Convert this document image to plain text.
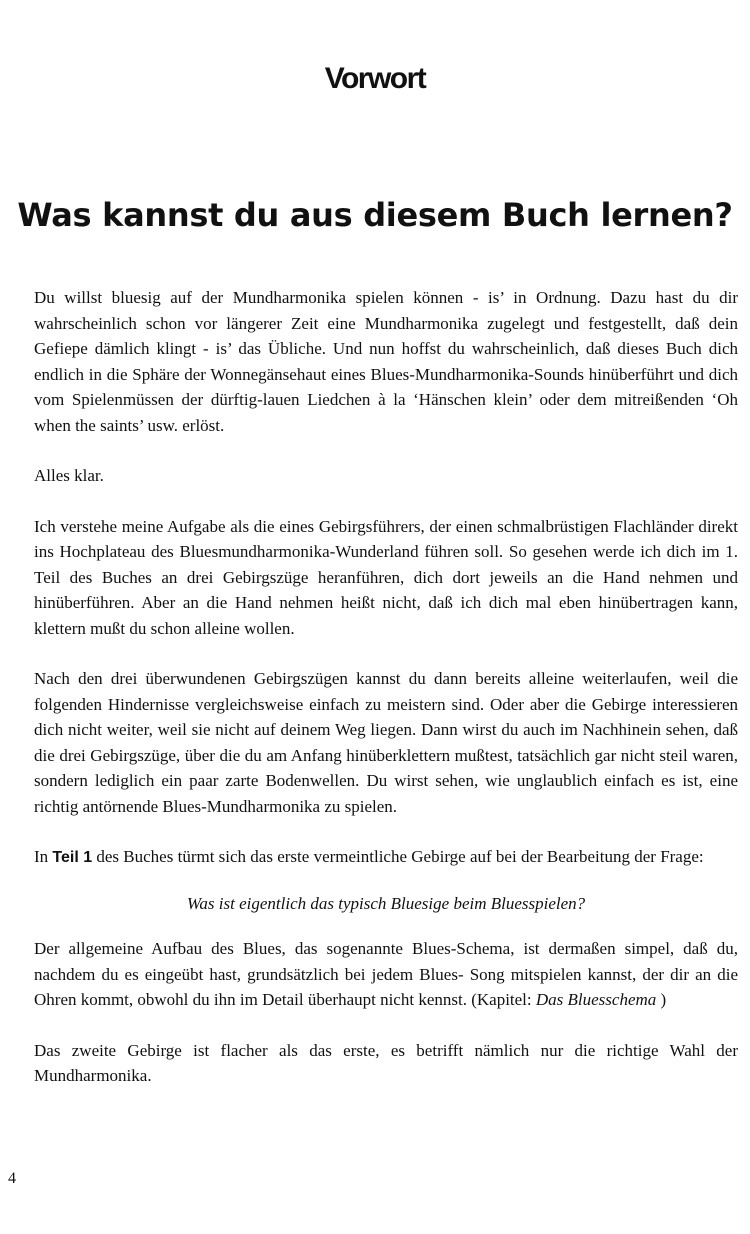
Vorwort
Was kannst du aus diesem Buch lernen?

Du willst bluesig auf der Mundharmonika spielen können - is’ in Ordnung. Dazu hast du dir wahrscheinlich schon vor längerer Zeit eine Mundharmonika zugelegt und festgestellt, daß dein Gefiepe dämlich klingt - is’ das Übliche. Und nun hoffst du wahrscheinlich, daß dieses Buch dich endlich in die Sphäre der Wonnegänsehaut eines Blues-Mundharmonika-Sounds hinüberführt und dich vom Spielenmüssen der dürftig-lauen Liedchen à la ‘Hänschen klein’ oder dem mitreißenden ‘Oh when the saints’ usw. erlöst.

Alles klar.

Ich verstehe meine Aufgabe als die eines Gebirgsführers, der einen schmalbrüstigen Flachländer direkt ins Hochplateau des Bluesmundharmonika-Wunderland führen soll. So gesehen werde ich dich im 1. Teil des Buches an drei Gebirgszüge heranführen, dich dort jeweils an die Hand nehmen und hinüberführen. Aber an die Hand nehmen heißt nicht, daß ich dich mal eben hinübertragen kann, klettern mußt du schon alleine wollen.

Nach den drei überwundenen Gebirgszügen kannst du dann bereits alleine weiterlaufen, weil die folgenden Hindernisse vergleichsweise einfach zu meistern sind. Oder aber die Gebirge interessieren dich nicht weiter, weil sie nicht auf deinem Weg liegen. Dann wirst du auch im Nachhinein sehen, daß die drei Gebirgszüge, über die du am Anfang hinüberklettern mußtest, tatsächlich gar nicht steil waren, sondern lediglich ein paar zarte Bodenwellen. Du wirst sehen, wie unglaublich einfach es ist, eine richtig antörnende Blues-Mundharmonika zu spielen.

In Teil 1 des Buches türmt sich das erste vermeintliche Gebirge auf bei der Bearbeitung der Frage:

Was ist eigentlich das typisch Bluesige beim Bluesspielen?

Der allgemeine Aufbau des Blues, das sogenannte Blues-Schema, ist dermaßen simpel, daß du, nachdem du es eingeübt hast, grundsätzlich bei jedem Blues- Song mitspielen kannst, der dir an die Ohren kommt, obwohl du ihn im Detail überhaupt nicht kennst. (Kapitel: Das Bluesschema )

Das zweite Gebirge ist flacher als das erste, es betrifft nämlich nur die richtige Wahl der Mundharmonika.

4
